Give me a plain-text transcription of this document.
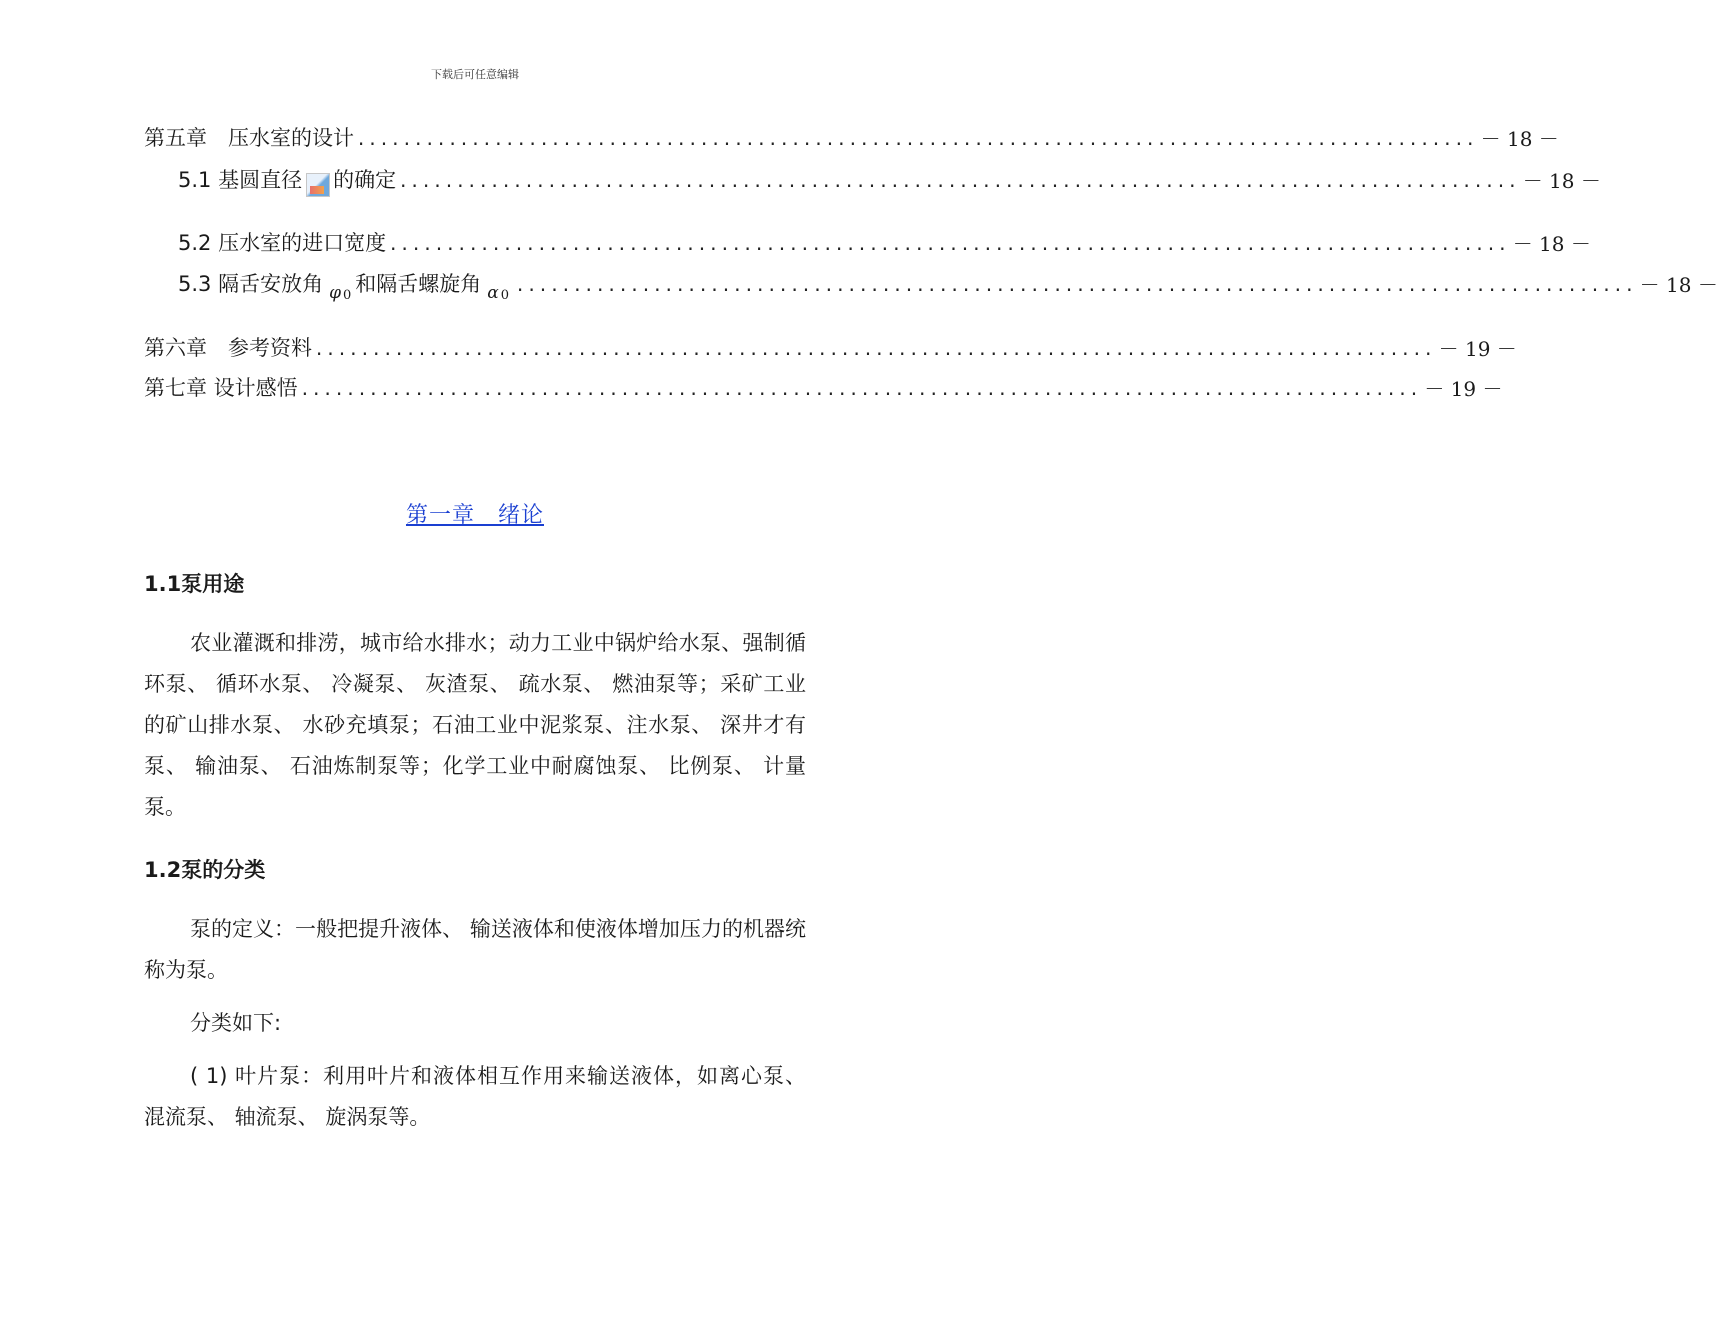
下载后可任意编辑
第五章　压水室的设计 .................................................................................................. － 18 －
5.1 基圆直径 的确定 .................................................................................................. － 18 －
5.2 压水室的进口宽度 .................................................................................................. － 18 －
5.3 隔舌安放角 φ 0 和隔舌螺旋角 α 0 .................................................................................................. － 18 －
第六章　参考资料 .................................................................................................. － 19 －
第七章 设计感悟 .................................................................................................. － 19 －
第一章　绪论
1.1泵用途

农业灌溉和排涝，城市给水排水；动力工业中锅炉给水泵、强制循环泵、 循环水泵、 冷凝泵、 灰渣泵、 疏水泵、 燃油泵等；采矿工业的矿山排水泵、 水砂充填泵；石油工业中泥浆泵、注水泵、 深井才有泵、 输油泵、 石油炼制泵等；化学工业中耐腐蚀泵、 比例泵、 计量泵。

1.2泵的分类

泵的定义：一般把提升液体、 输送液体和使液体增加压力的机器统称为泵。

分类如下:

( 1) 叶片泵：利用叶片和液体相互作用来输送液体，如离心泵、 混流泵、 轴流泵、 旋涡泵等。
